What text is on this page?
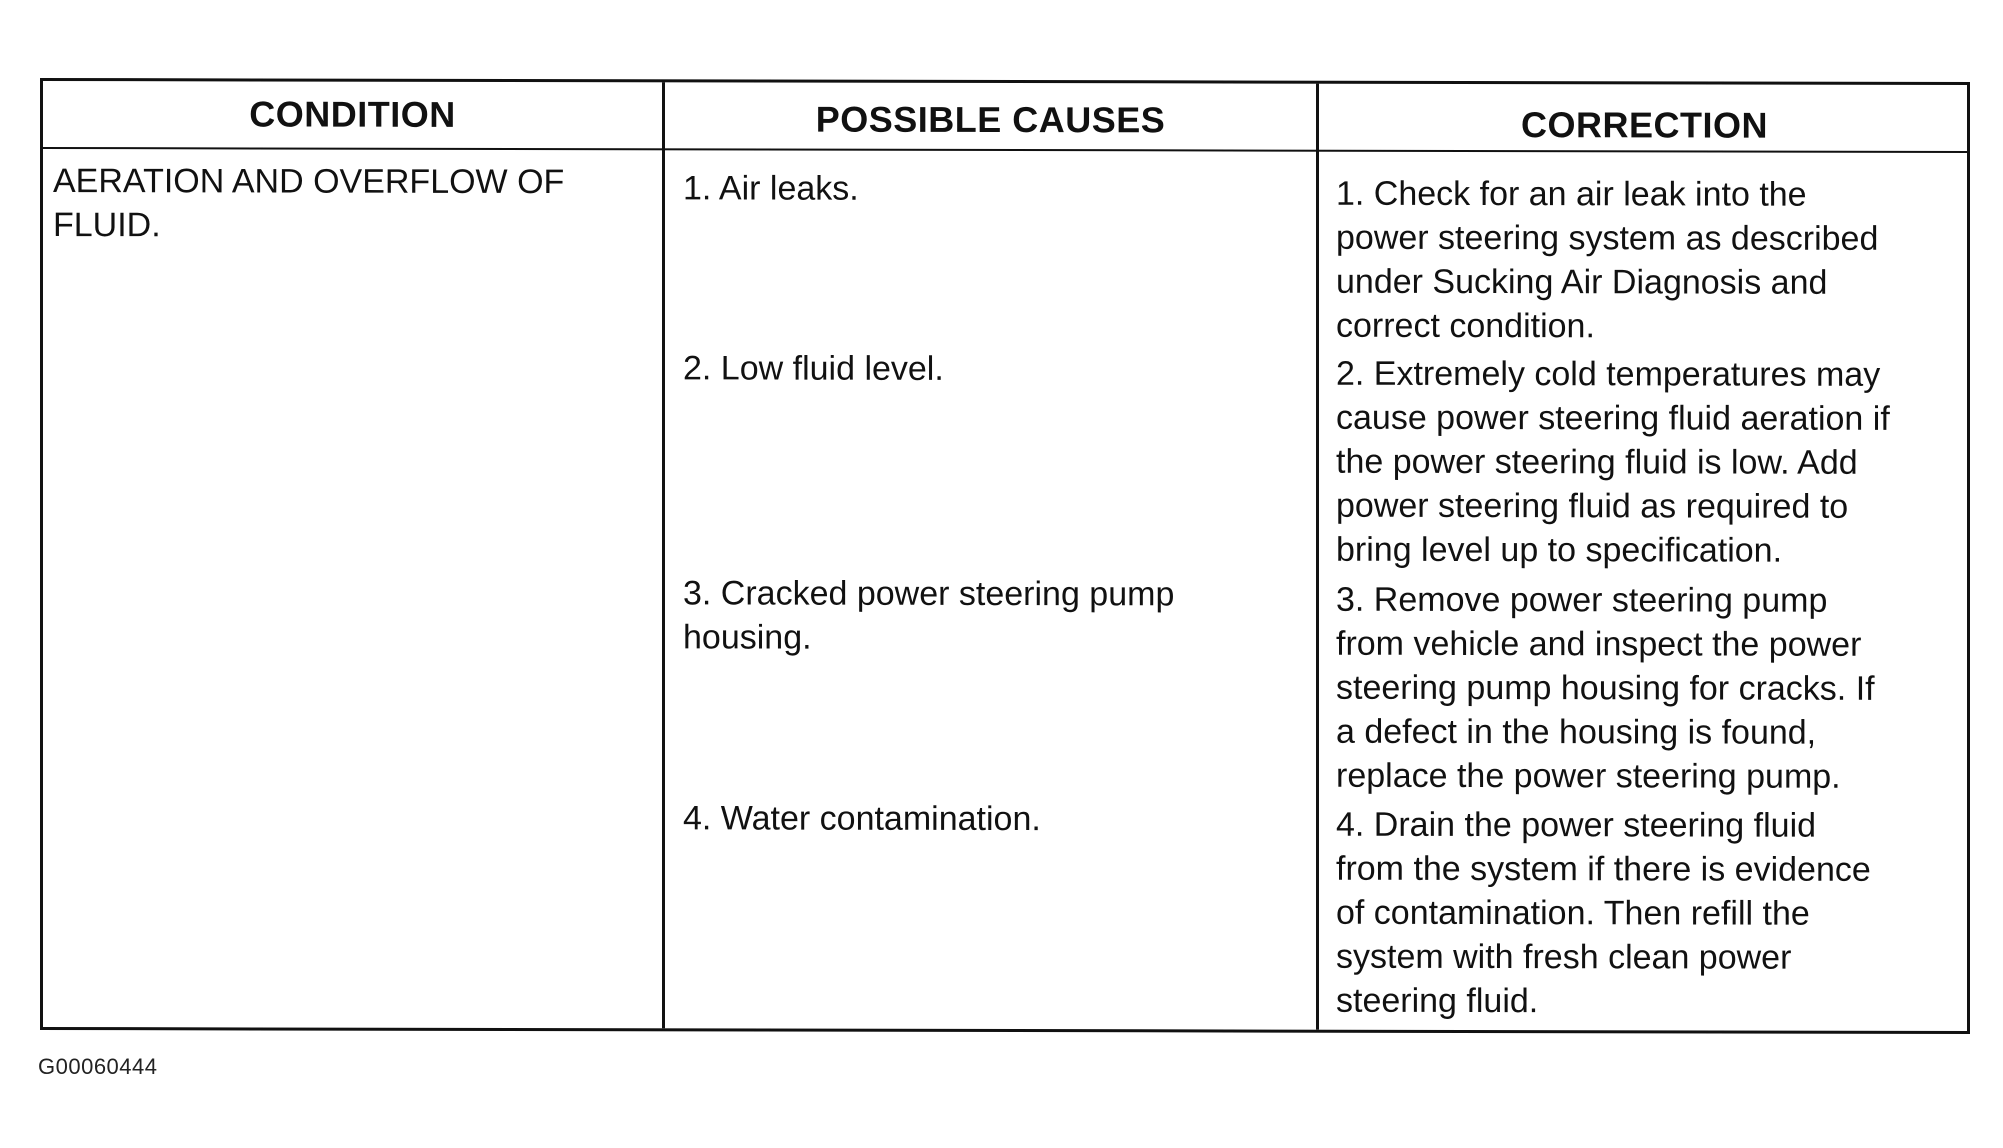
CONDITION	POSSIBLE CAUSES	CORRECTION
AERATION AND OVERFLOW OF
FLUID.
1. Air leaks.
2. Low fluid level.
3. Cracked power steering pump
housing.
4. Water contamination.
1. Check for an air leak into the
power steering system as described
under Sucking Air Diagnosis and
correct condition.
2. Extremely cold temperatures may
cause power steering fluid aeration if
the power steering fluid is low. Add
power steering fluid as required to
bring level up to specification.
3. Remove power steering pump
from vehicle and inspect the power
steering pump housing for cracks. If
a defect in the housing is found,
replace the power steering pump.
4. Drain the power steering fluid
from the system if there is evidence
of contamination. Then refill the
system with fresh clean power
steering fluid.
G00060444
